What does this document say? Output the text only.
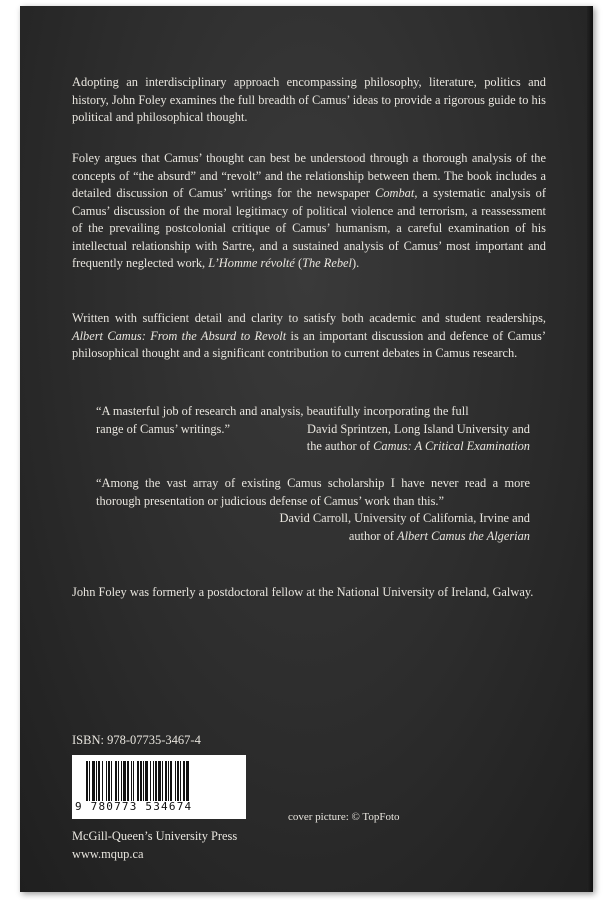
Adopting an interdisciplinary approach encompassing philosophy, literature, politics and history, John Foley examines the full breadth of Camus’ ideas to provide a rigorous guide to his political and philosophical thought.
Foley argues that Camus’ thought can best be understood through a thorough analysis of the concepts of “the absurd” and “revolt” and the relationship between them. The book includes a detailed discussion of Camus’ writings for the newspaper Combat, a systematic analysis of Camus’ discussion of the moral legitimacy of political violence and terrorism, a reassessment of the prevailing postcolonial critique of Camus’ humanism, a careful examination of his intellectual relationship with Sartre, and a sustained analysis of Camus’ most important and frequently neglected work, L’Homme révolté (The Rebel).
Written with sufficient detail and clarity to satisfy both academic and student readerships, Albert Camus: From the Absurd to Revolt is an important discussion and defence of Camus’ philosophical thought and a significant contribution to current debates in Camus research.
“A masterful job of research and analysis, beautifully incorporating the full
range of Camus’ writings.”	David Sprintzen, Long Island University and
the author of Camus: A Critical Examination
“Among the vast array of existing Camus scholarship I have never read a more thorough presentation or judicious defense of Camus’ work than this.”
David Carroll, University of California, Irvine and
author of Albert Camus the Algerian
John Foley was formerly a postdoctoral fellow at the National University of Ireland, Galway.
ISBN: 978-07735-3467-4
9 780773 534674
cover picture: © TopFoto
McGill-Queen’s University Press
www.mqup.ca
